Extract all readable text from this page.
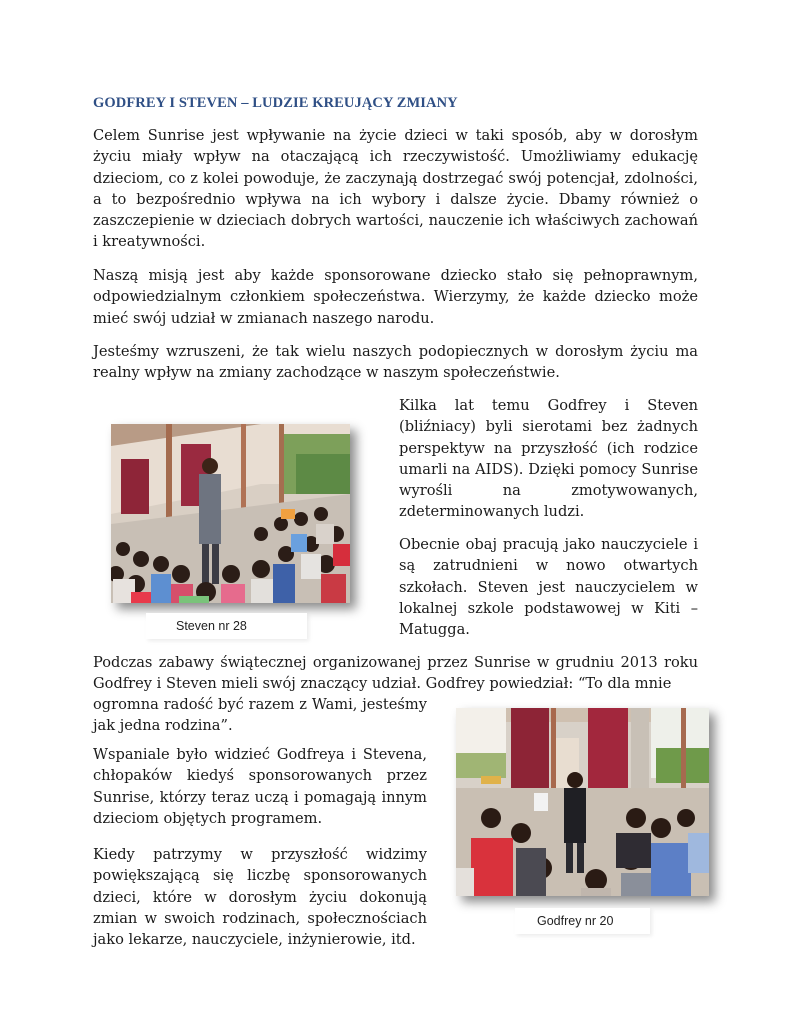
GODFREY I STEVEN – LUDZIE KREUJĄCY ZMIANY

Celem Sunrise jest wpływanie na życie dzieci w taki sposób, aby w dorosłym życiu miały wpływ na otaczającą ich rzeczywistość. Umożliwiamy edukację dzieciom, co z kolei powoduje, że zaczynają dostrzegać swój potencjał, zdolności, a to bezpośrednio wpływa na ich wybory i dalsze życie. Dbamy również o zaszczepienie w dzieciach dobrych wartości, nauczenie ich właściwych zachowań i kreatywności.

Naszą misją jest aby każde sponsorowane dziecko stało się pełnoprawnym, odpowiedzialnym członkiem społeczeństwa. Wierzymy, że każde dziecko może mieć swój udział w zmianach naszego narodu.

Jesteśmy wzruszeni, że tak wielu naszych podopiecznych w dorosłym życiu ma realny wpływ na zmiany zachodzące w naszym społeczeństwie.

Steven nr 28

Kilka lat temu Godfrey i Steven (bliźniacy) byli sierotami bez żadnych perspektyw na przyszłość (ich rodzice umarli na AIDS). Dzięki pomocy Sunrise wyrośli na zmotywowanych, zdeterminowanych ludzi.

Obecnie obaj pracują jako nauczyciele i są zatrudnieni w nowo otwartych szkołach. Steven jest nauczycielem w lokalnej szkole podstawowej w Kiti – Matugga.

Podczas zabawy świątecznej organizowanej przez Sunrise w grudniu 2013 roku Godfrey i Steven mieli swój znaczący udział. Godfrey powiedział: “To dla mnie

ogromna radość być razem z Wami, jesteśmy jak jedna rodzina”.

Wspaniale było widzieć Godfreya i Stevena, chłopaków kiedyś sponsorowanych przez Sunrise, którzy teraz uczą i pomagają innym dzieciom objętych programem.

Kiedy patrzymy w przyszłość widzimy powiększającą się liczbę sponsorowanych dzieci, które w dorosłym życiu dokonują zmian w swoich rodzinach, społecznościach jako lekarze, nauczyciele, inżynierowie, itd.

Godfrey nr 20
